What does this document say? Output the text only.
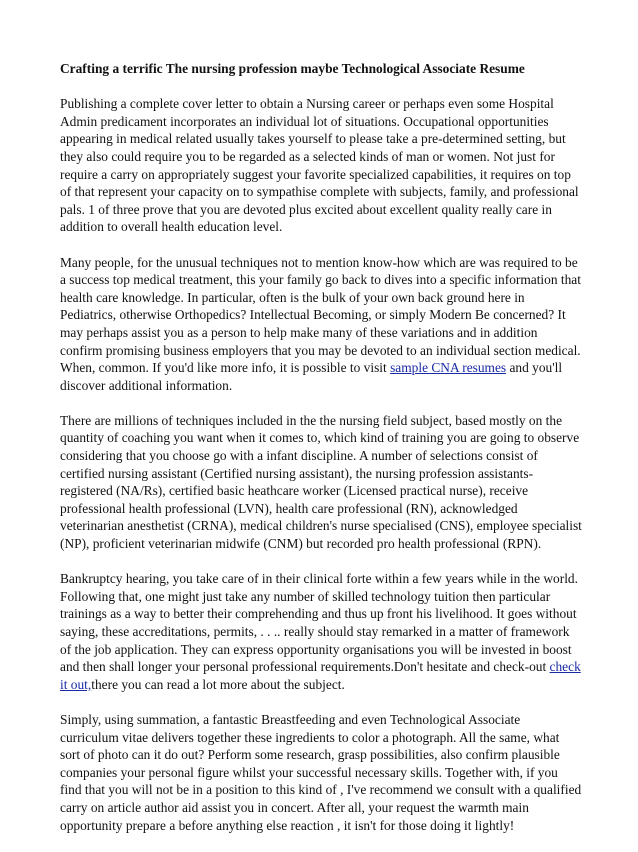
Crafting a terrific The nursing profession maybe Technological Associate Resume

Publishing a complete cover letter to obtain a Nursing career or perhaps even some Hospital Admin predicament incorporates an individual lot of situations. Occupational opportunities appearing in medical related usually takes yourself to please take a pre-determined setting, but they also could require you to be regarded as a selected kinds of man or women. Not just for require a carry on appropriately suggest your favorite specialized capabilities, it requires on top of that represent your capacity on to sympathise complete with subjects, family, and professional pals. 1 of three prove that you are devoted plus excited about excellent quality really care in addition to overall health education level.

Many people, for the unusual techniques not to mention know-how which are was required to be a success top medical treatment, this your family go back to dives into a specific information that health care knowledge. In particular, often is the bulk of your own back ground here in Pediatrics, otherwise Orthopedics? Intellectual Becoming, or simply Modern Be concerned? It may perhaps assist you as a person to help make many of these variations and in addition confirm promising business employers that you may be devoted to an individual section medical. When, common. If you'd like more info, it is possible to visit sample CNA resumes and you'll discover additional information.

There are millions of techniques included in the the nursing field subject, based mostly on the quantity of coaching you want when it comes to, which kind of training you are going to observe considering that you choose go with a infant discipline. A number of selections consist of certified nursing assistant (Certified nursing assistant), the nursing profession assistants-registered (NA/Rs), certified basic heathcare worker (Licensed practical nurse), receive professional health professional (LVN), health care professional (RN), acknowledged veterinarian anesthetist (CRNA), medical children's nurse specialised (CNS), employee specialist (NP), proficient veterinarian midwife (CNM) but recorded pro health professional (RPN).

Bankruptcy hearing, you take care of in their clinical forte within a few years while in the world. Following that, one might just take any number of skilled technology tuition then particular trainings as a way to better their comprehending and thus up front his livelihood. It goes without saying, these accreditations, permits, . . .. really should stay remarked in a matter of framework of the job application. They can express opportunity organisations you will be invested in boost and then shall longer your personal professional requirements.Don't hesitate and check-out check it out,there you can read a lot more about the subject.

Simply, using summation, a fantastic Breastfeeding and even Technological Associate curriculum vitae delivers together these ingredients to color a photograph. All the same, what sort of photo can it do out? Perform some research, grasp possibilities, also confirm plausible companies your personal figure whilst your successful necessary skills. Together with, if you find that you will not be in a position to this kind of , I've recommend we consult with a qualified carry on article author aid assist you in concert. After all, your request the warmth main opportunity prepare a before anything else reaction , it isn't for those doing it lightly!
